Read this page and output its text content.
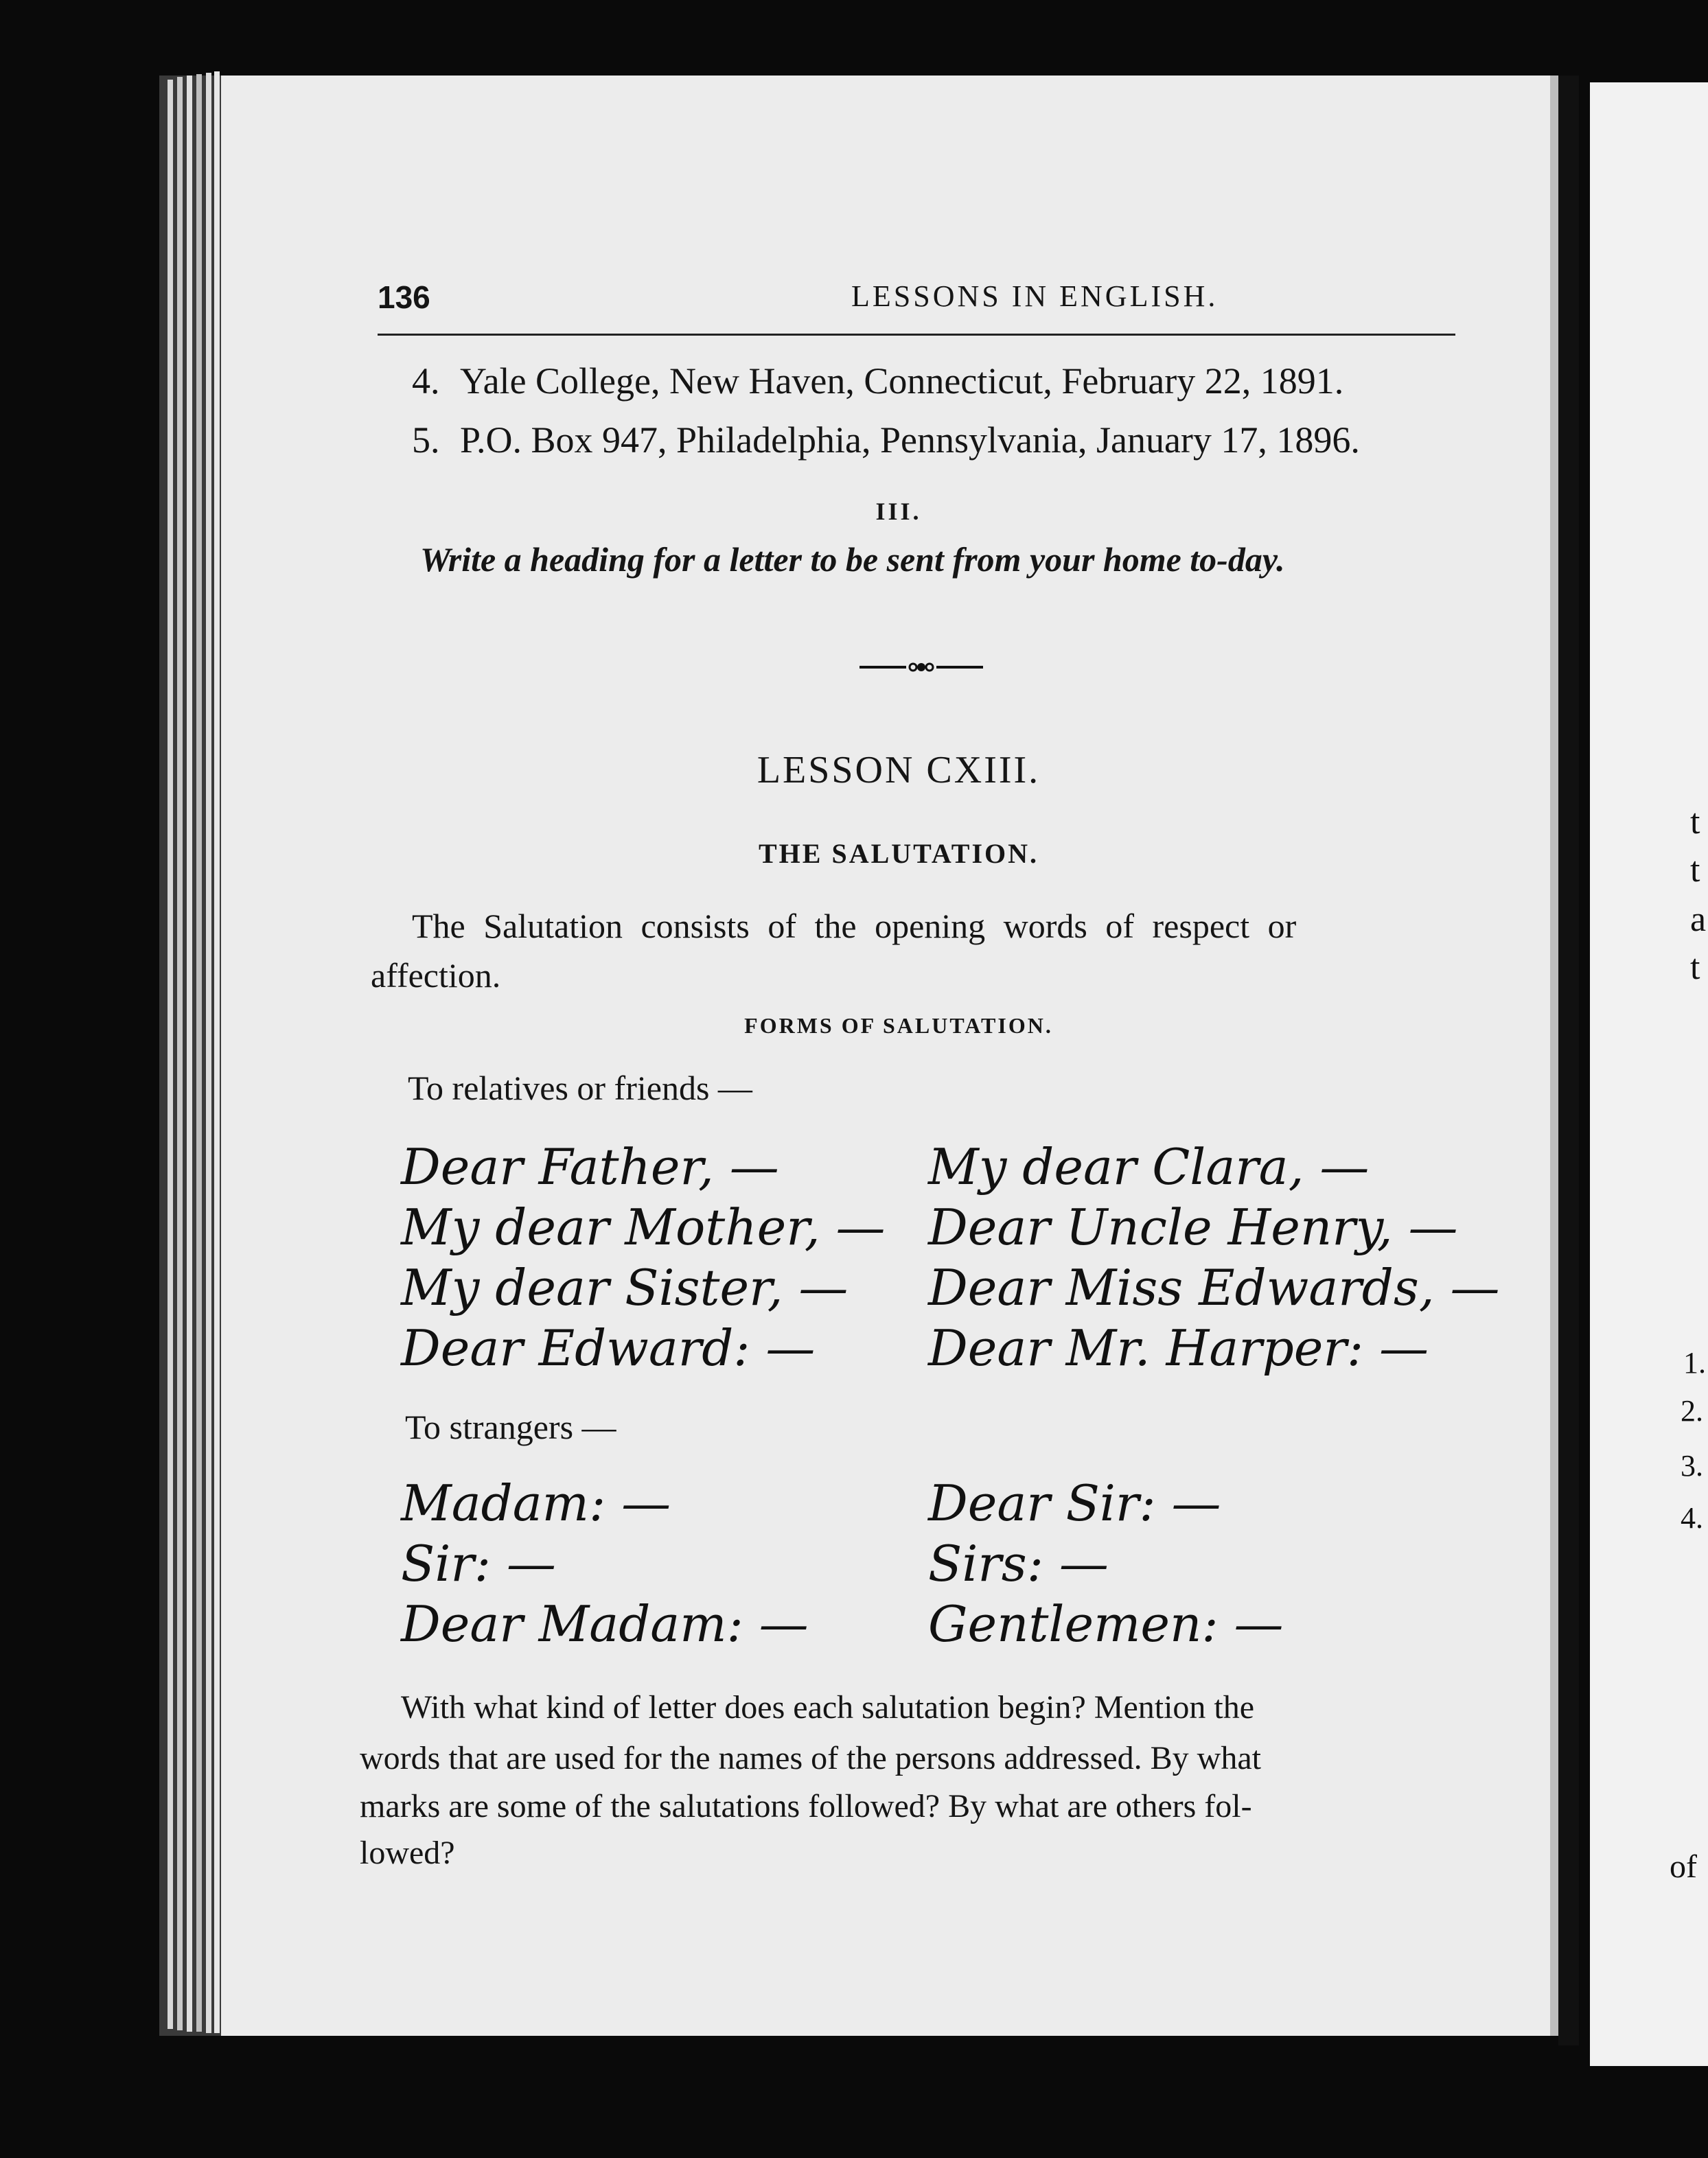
136	LESSONS IN ENGLISH.
4. Yale College, New Haven, Connecticut, February 22, 1891.
5. P.O. Box 947, Philadelphia, Pennsylvania, January 17, 1896.
III.
Write a heading for a letter to be sent from your home to-day.
LESSON CXIII.
THE SALUTATION.
The Salutation consists of the opening words of respect or
affection.
FORMS OF SALUTATION.
To relatives or friends —
Dear Father, —
My dear Mother, —
My dear Sister, —
Dear Edward: —
My dear Clara, —
Dear Uncle Henry, —
Dear Miss Edwards, —
Dear Mr. Harper: —
To strangers —
Madam: —
Sir: —
Dear Madam: —
Dear Sir: —
Sirs: —
Gentlemen: —
With what kind of letter does each salutation begin? Mention the
words that are used for the names of the persons addressed. By what
marks are some of the salutations followed? By what are others fol-
lowed?
t
t
a
t
1.
2.
3.
4.
of
